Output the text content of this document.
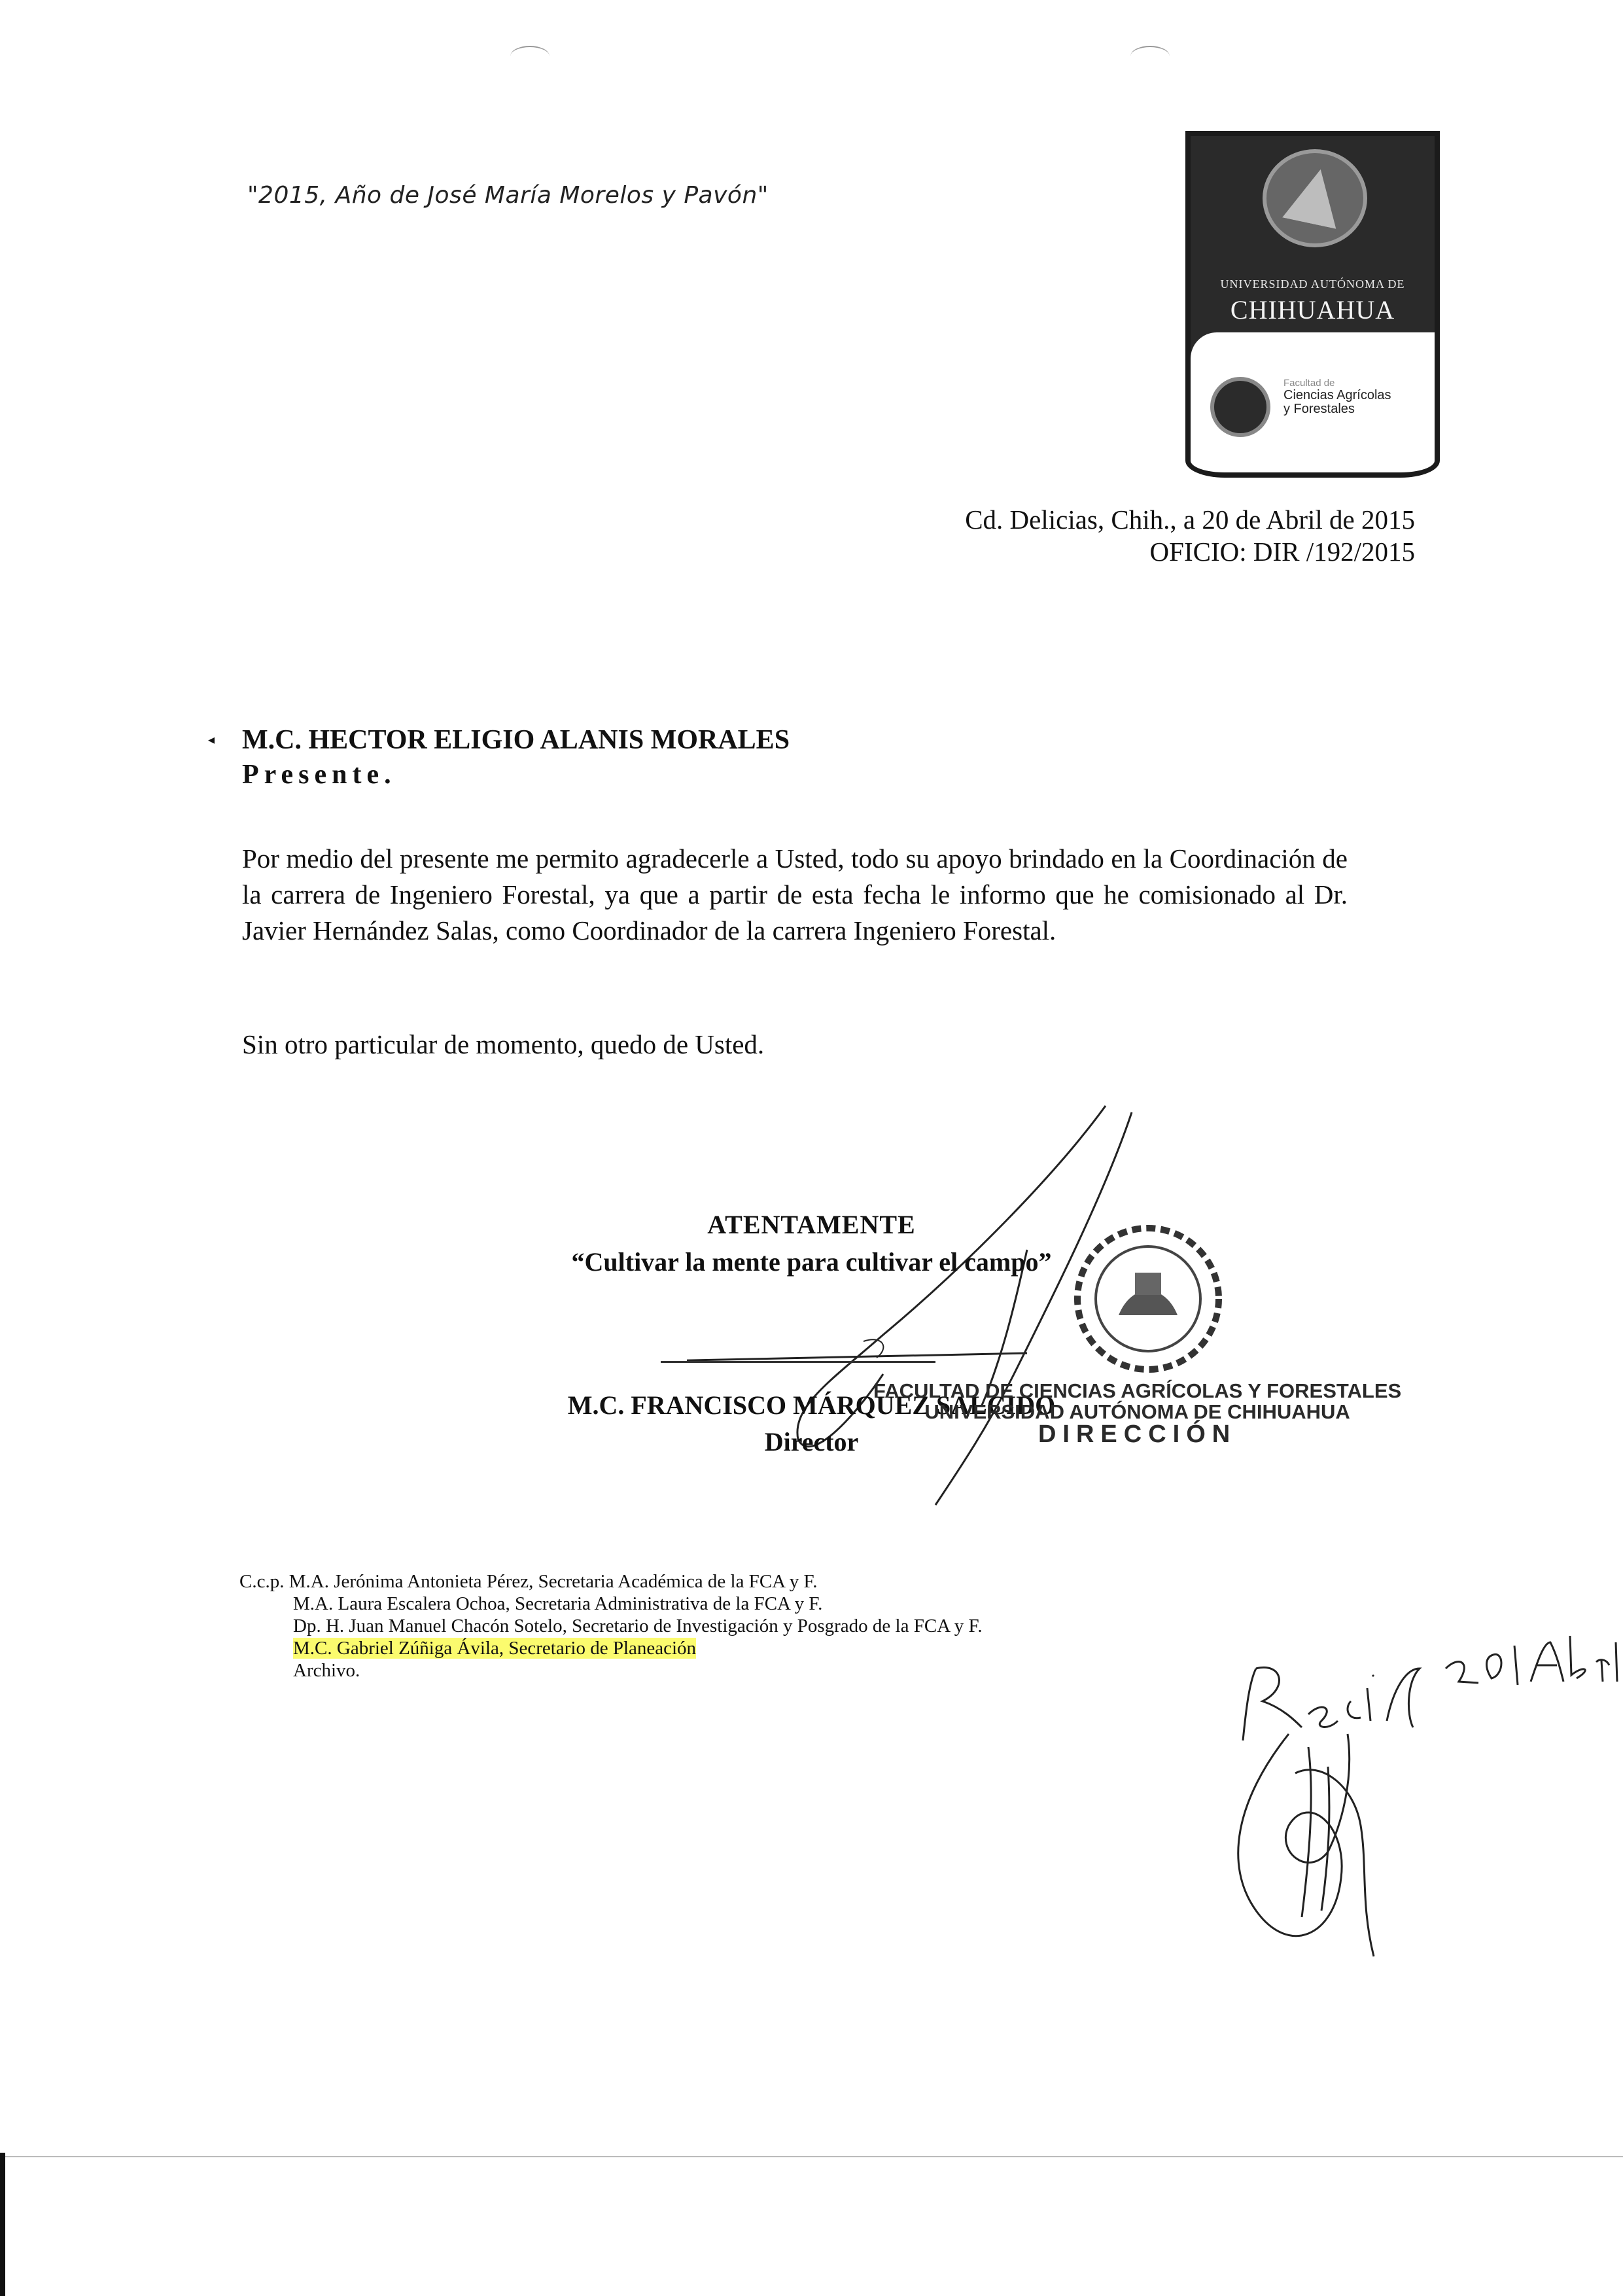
"2015, Año de José María Morelos y Pavón"
UNIVERSIDAD AUTÓNOMA DE
CHIHUAHUA
Facultad de
Ciencias Agrícolas
y Forestales
Cd. Delicias, Chih., a 20 de Abril de 2015
OFICIO: DIR /192/2015
◂ M.C. HECTOR ELIGIO ALANIS MORALES
Presente.
Por medio del presente me permito agradecerle a Usted, todo su apoyo brindado en la Coordinación de la carrera de Ingeniero Forestal, ya que a partir de esta fecha le informo que he comisionado al Dr. Javier Hernández Salas, como Coordinador de la carrera Ingeniero Forestal.
Sin otro particular de momento, quedo de Usted.
ATENTAMENTE
“Cultivar la mente para cultivar el campo”
M.C. FRANCISCO MÁRQUEZ SALCIDO
Director
FACULTAD DE CIENCIAS AGRÍCOLAS Y FORESTALES
UNIVERSIDAD AUTÓNOMA DE CHIHUAHUA
DIRECCIÓN
C.c.p. M.A. Jerónima Antonieta Pérez, Secretaria Académica de la FCA y F.
M.A. Laura Escalera Ochoa, Secretaria Administrativa de la FCA y F.
Dp. H. Juan Manuel Chacón Sotelo, Secretario de Investigación y Posgrado de la FCA y F.
M.C. Gabriel Zúñiga Ávila, Secretario de Planeación
Archivo.
